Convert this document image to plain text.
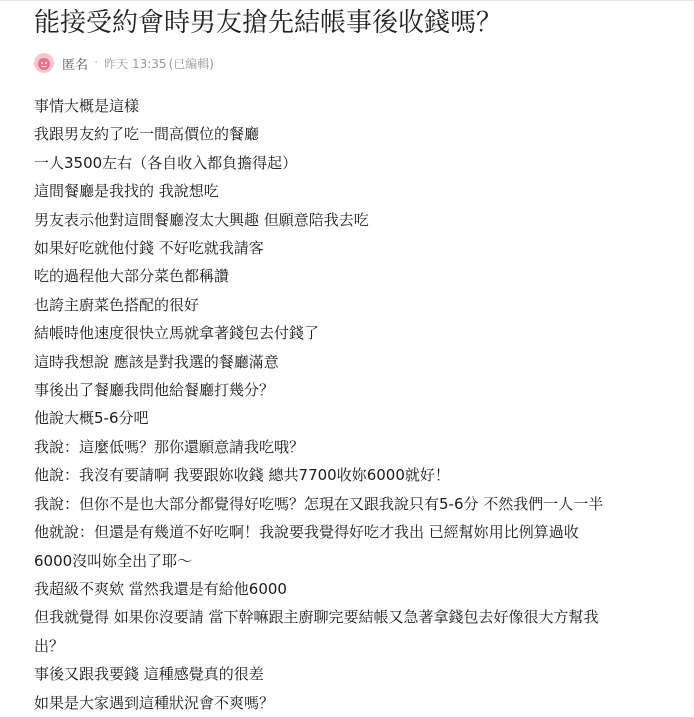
能接受約會時男友搶先結帳事後收錢嗎？
匿名 · 昨天 13:35 (已編輯)
事情大概是這樣
我跟男友約了吃一間高價位的餐廳
一人3500左右（各自收入都負擔得起）
這間餐廳是我找的 我說想吃
男友表示他對這間餐廳沒太大興趣 但願意陪我去吃
如果好吃就他付錢 不好吃就我請客
吃的過程他大部分菜色都稱讚
也誇主廚菜色搭配的很好
結帳時他速度很快立馬就拿著錢包去付錢了
這時我想說 應該是對我選的餐廳滿意
事後出了餐廳我問他給餐廳打幾分？
他說大概5-6分吧
我說：這麼低嗎？那你還願意請我吃哦？
他說：我沒有要請啊 我要跟妳收錢 總共7700收妳6000就好！
我說：但你不是也大部分都覺得好吃嗎？怎現在又跟我說只有5-6分 不然我們一人一半
他就說：但還是有幾道不好吃啊！我說要我覺得好吃才我出 已經幫妳用比例算過收
6000沒叫妳全出了耶～
我超級不爽欸 當然我還是有給他6000
但我就覺得 如果你沒要請 當下幹嘛跟主廚聊完要結帳又急著拿錢包去好像很大方幫我
出？
事後又跟我要錢 這種感覺真的很差
如果是大家遇到這種狀況會不爽嗎？
